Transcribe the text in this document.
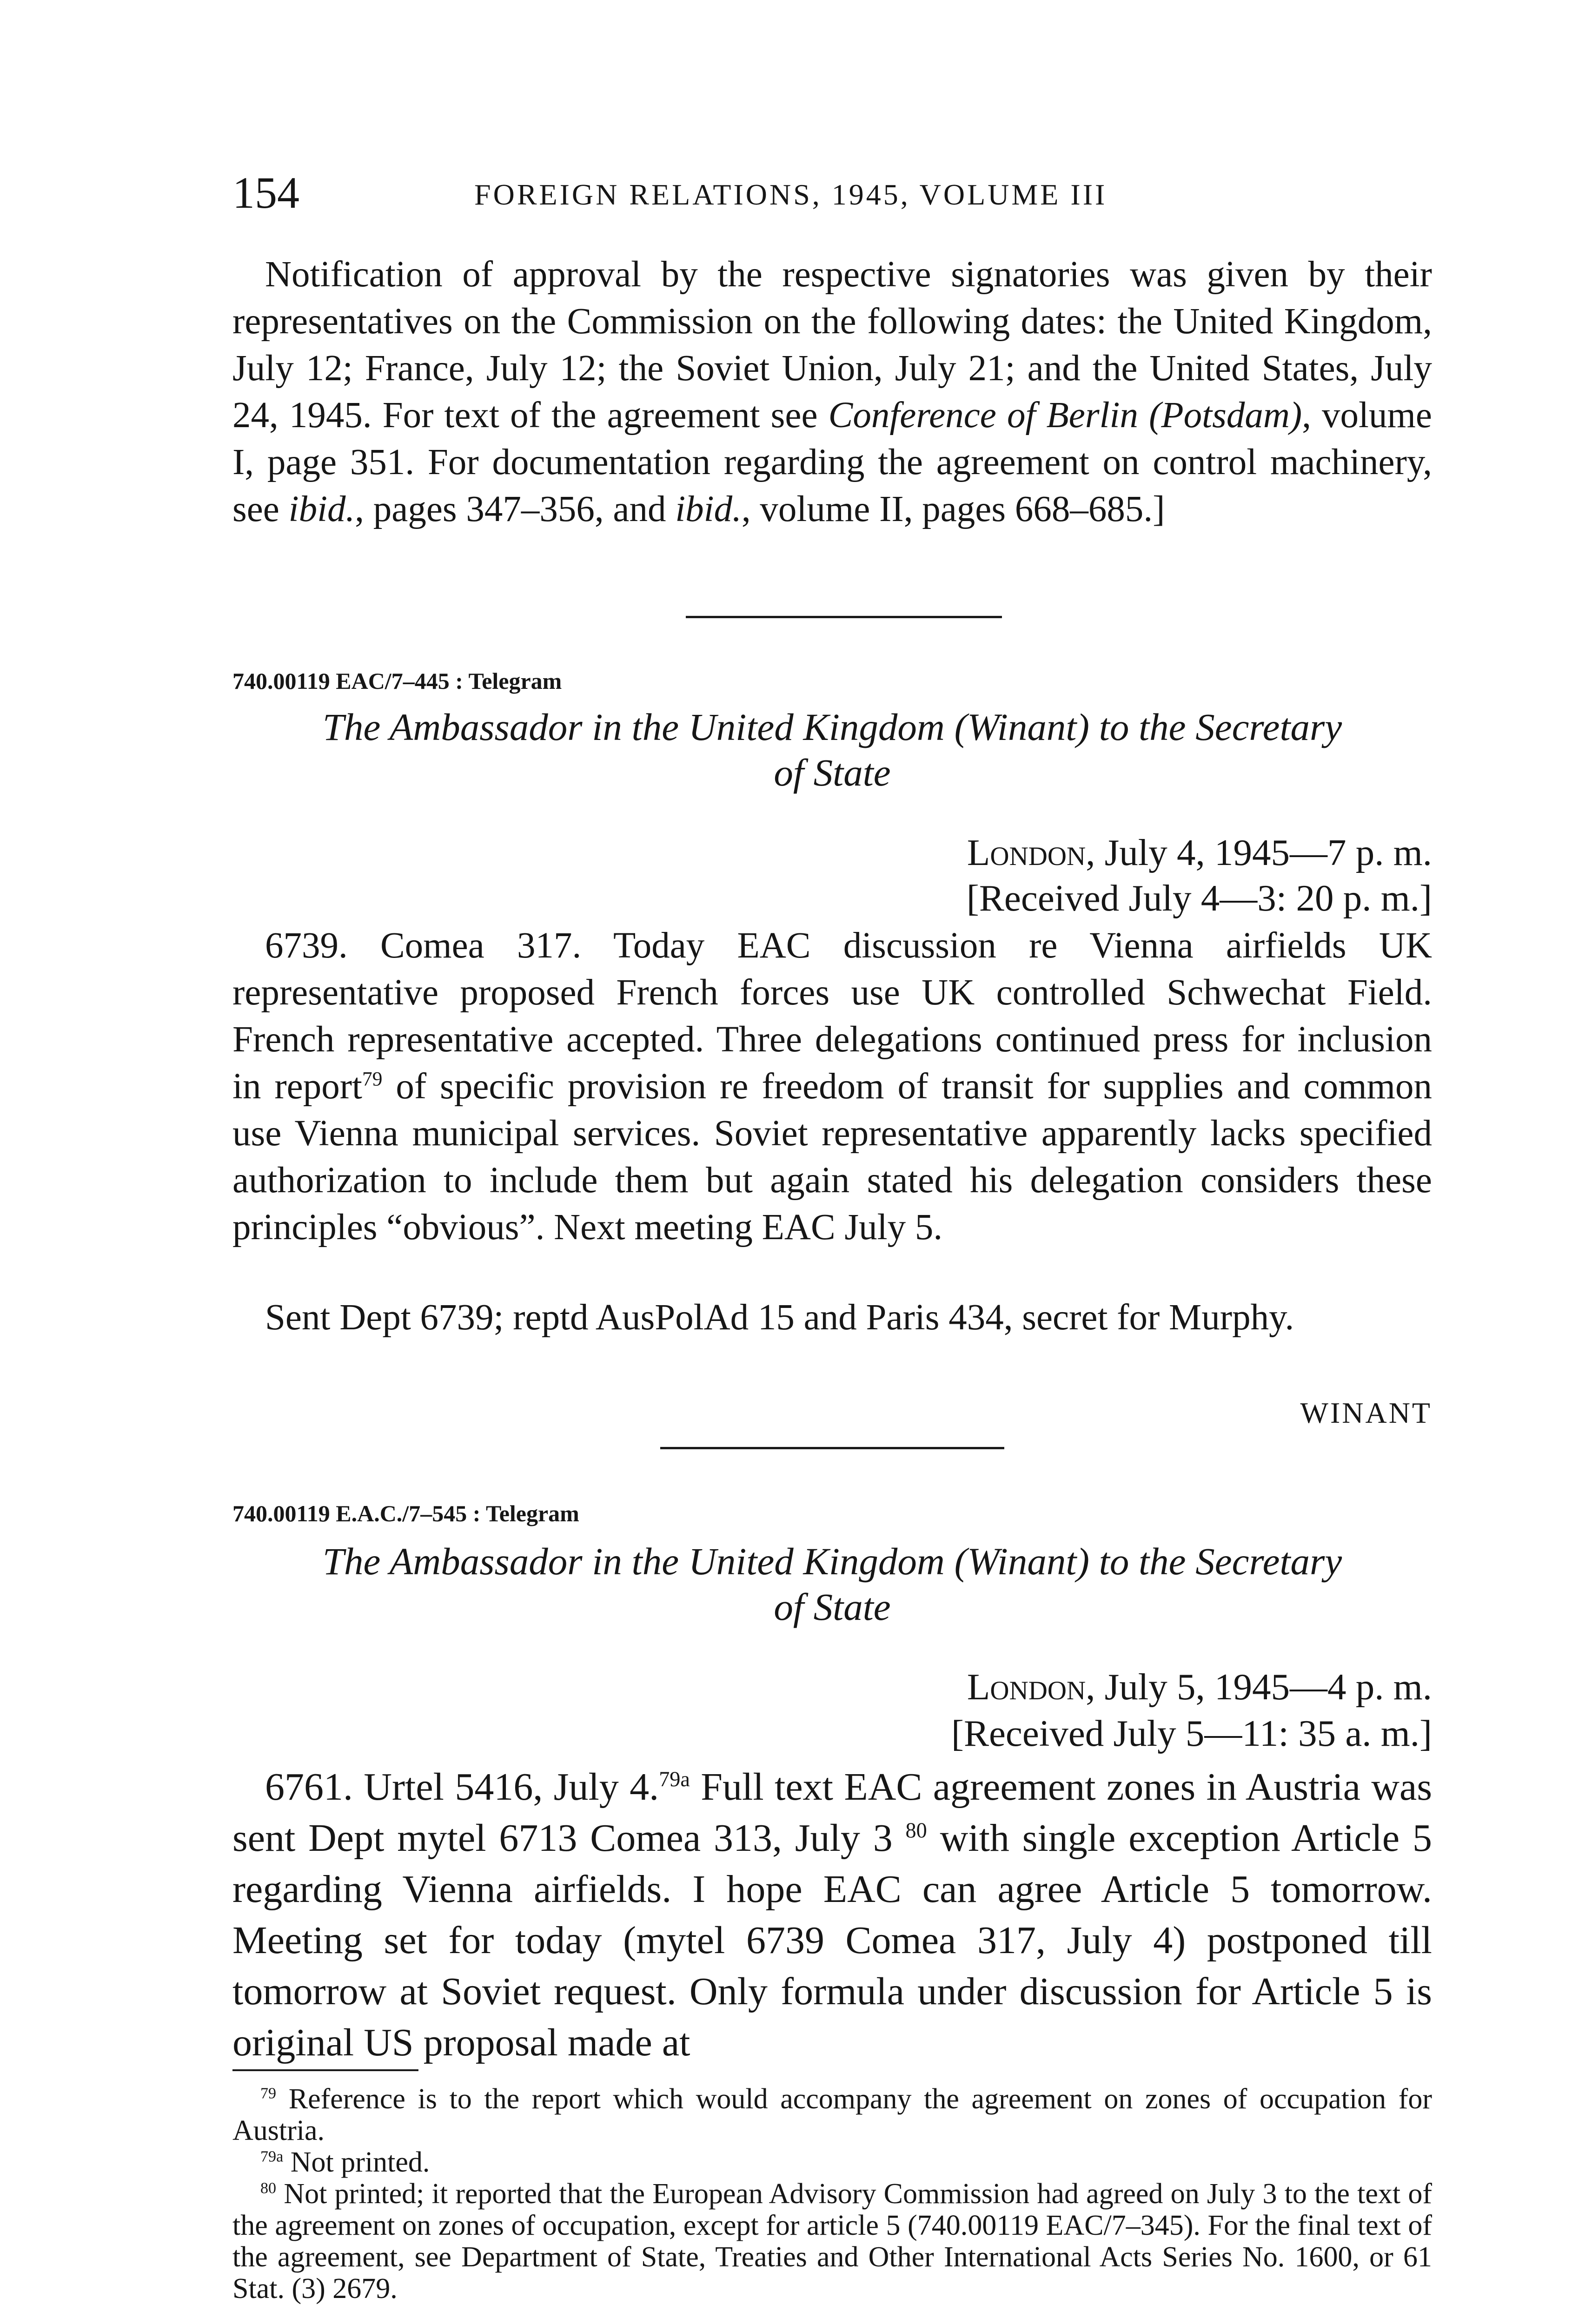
154	FOREIGN RELATIONS, 1945, VOLUME III

Notification of approval by the respective signatories was given by their representatives on the Commission on the following dates: the United Kingdom, July 12; France, July 12; the Soviet Union, July 21; and the United States, July 24, 1945. For text of the agreement see Conference of Berlin (Potsdam), volume I, page 351. For documentation regarding the agreement on control machinery, see ibid., pages 347–356, and ibid., volume II, pages 668–685.]

740.00119 EAC/7–445 : Telegram
The Ambassador in the United Kingdom (Winant) to the Secretary
of State
London, July 4, 1945—7 p. m.
[Received July 4—3: 20 p. m.]

6739. Comea 317. Today EAC discussion re Vienna airfields UK representative proposed French forces use UK controlled Schwechat Field. French representative accepted. Three delegations continued press for inclusion in report$^{79}$ of specific provision re freedom of transit for supplies and common use Vienna municipal services. Soviet representative apparently lacks specified authorization to include them but again stated his delegation considers these principles “obvious”. Next meeting EAC July 5.

Sent Dept 6739; reptd AusPolAd 15 and Paris 434, secret for Murphy.

WINANT
740.00119 E.A.C./7–545 : Telegram
The Ambassador in the United Kingdom (Winant) to the Secretary
of State
London, July 5, 1945—4 p. m.
[Received July 5—11: 35 a. m.]

6761. Urtel 5416, July 4.$^{79a}$ Full text EAC agreement zones in Austria was sent Dept mytel 6713 Comea 313, July 3 $^{80}$ with single exception Article 5 regarding Vienna airfields. I hope EAC can agree Article 5 tomorrow. Meeting set for today (mytel 6739 Comea 317, July 4) postponed till tomorrow at Soviet request. Only formula under discussion for Article 5 is original US proposal made at

$^{79}$ Reference is to the report which would accompany the agreement on zones of occupation for Austria.

$^{79a}$ Not printed.

$^{80}$ Not printed; it reported that the European Advisory Commission had agreed on July 3 to the text of the agreement on zones of occupation, except for article 5 (740.00119 EAC/7–345). For the final text of the agreement, see Department of State, Treaties and Other International Acts Series No. 1600, or 61 Stat. (3) 2679.
